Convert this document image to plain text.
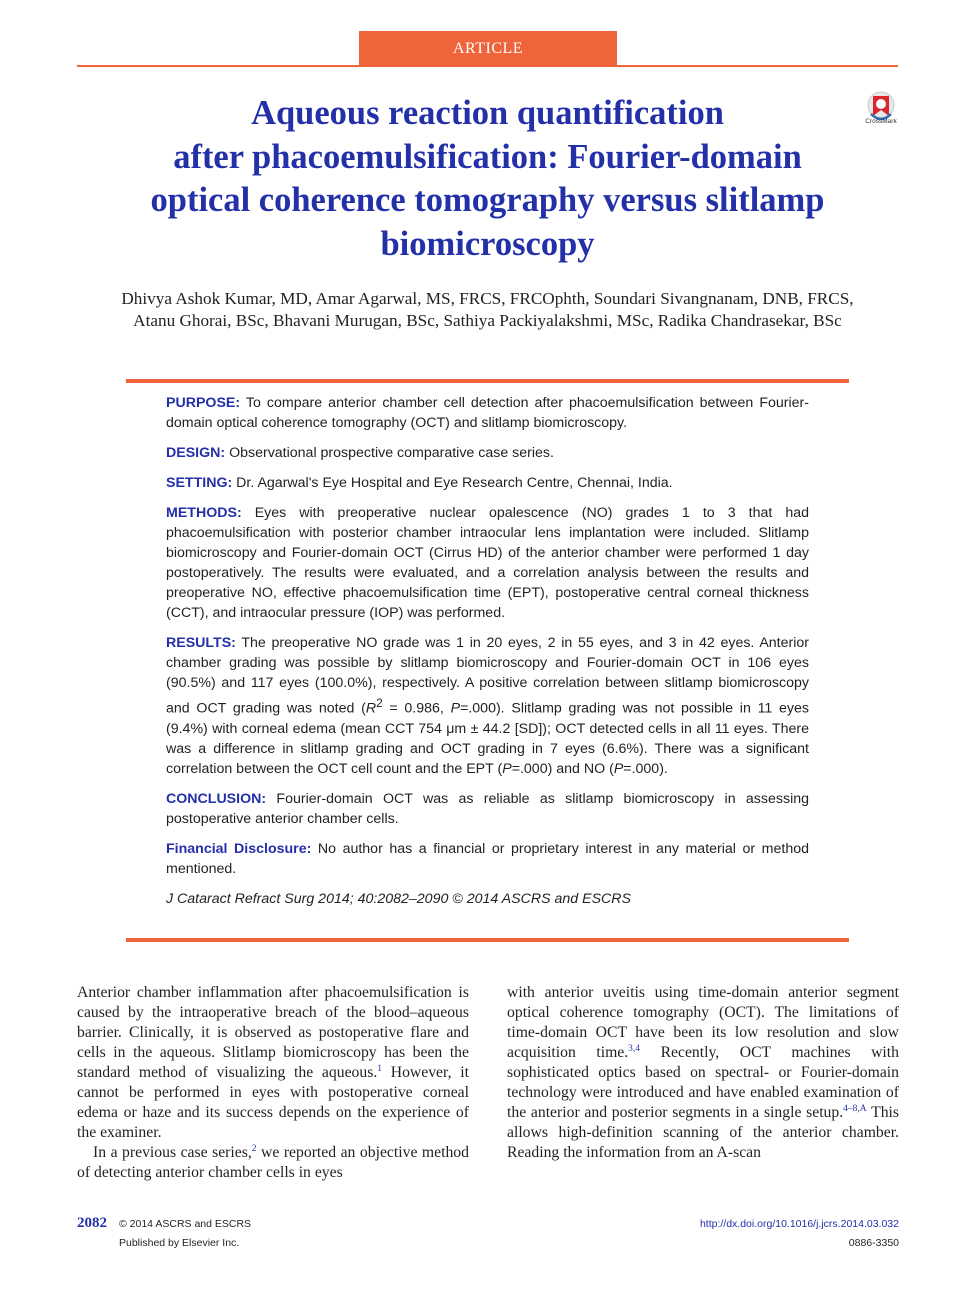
ARTICLE
Aqueous reaction quantification
after phacoemulsification: Fourier-domain
optical coherence tomography versus slitlamp
biomicroscopy
CrossMark
Dhivya Ashok Kumar, MD, Amar Agarwal, MS, FRCS, FRCOphth, Soundari Sivangnanam, DNB, FRCS,
Atanu Ghorai, BSc, Bhavani Murugan, BSc, Sathiya Packiyalakshmi, MSc, Radika Chandrasekar, BSc

PURPOSE: To compare anterior chamber cell detection after phacoemulsification between Fourier-domain optical coherence tomography (OCT) and slitlamp biomicroscopy.

DESIGN: Observational prospective comparative case series.

SETTING: Dr. Agarwal's Eye Hospital and Eye Research Centre, Chennai, India.

METHODS: Eyes with preoperative nuclear opalescence (NO) grades 1 to 3 that had phacoemulsification with posterior chamber intraocular lens implantation were included. Slitlamp biomicroscopy and Fourier-domain OCT (Cirrus HD) of the anterior chamber were performed 1 day postoperatively. The results were evaluated, and a correlation analysis between the results and preoperative NO, effective phacoemulsification time (EPT), postoperative central corneal thickness (CCT), and intraocular pressure (IOP) was performed.

RESULTS: The preoperative NO grade was 1 in 20 eyes, 2 in 55 eyes, and 3 in 42 eyes. Anterior chamber grading was possible by slitlamp biomicroscopy and Fourier-domain OCT in 106 eyes (90.5%) and 117 eyes (100.0%), respectively. A positive correlation between slitlamp biomicroscopy and OCT grading was noted ($R^2 = 0.986$, P=.000). Slitlamp grading was not possible in 11 eyes (9.4%) with corneal edema (mean CCT 754 μm ± 44.2 [SD]); OCT detected cells in all 11 eyes. There was a difference in slitlamp grading and OCT grading in 7 eyes (6.6%). There was a significant correlation between the OCT cell count and the EPT (P=.000) and NO (P=.000).

CONCLUSION: Fourier-domain OCT was as reliable as slitlamp biomicroscopy in assessing postoperative anterior chamber cells.

Financial Disclosure: No author has a financial or proprietary interest in any material or method mentioned.

J Cataract Refract Surg 2014; 40:2082–2090 © 2014 ASCRS and ESCRS

Anterior chamber inflammation after phacoemulsification is caused by the intraoperative breach of the blood–aqueous barrier. Clinically, it is observed as postoperative flare and cells in the aqueous. Slitlamp biomicroscopy has been the standard method of visualizing the aqueous.$^1$ However, it cannot be performed in eyes with postoperative corneal edema or haze and its success depends on the experience of the examiner.

In a previous case series,$^2$ we reported an objective method of detecting anterior chamber cells in eyes

with anterior uveitis using time-domain anterior segment optical coherence tomography (OCT). The limitations of time-domain OCT have been its low resolution and slow acquisition time.$^{3,4}$ Recently, OCT machines with sophisticated optics based on spectral- or Fourier-domain technology were introduced and have enabled examination of the anterior and posterior segments in a single setup.$^{4-8,A}$ This allows high-definition scanning of the anterior chamber. Reading the information from an A-scan

2082 © 2014 ASCRS and ESCRS
Published by Elsevier Inc.
http://dx.doi.org/10.1016/j.jcrs.2014.03.032
0886-3350
